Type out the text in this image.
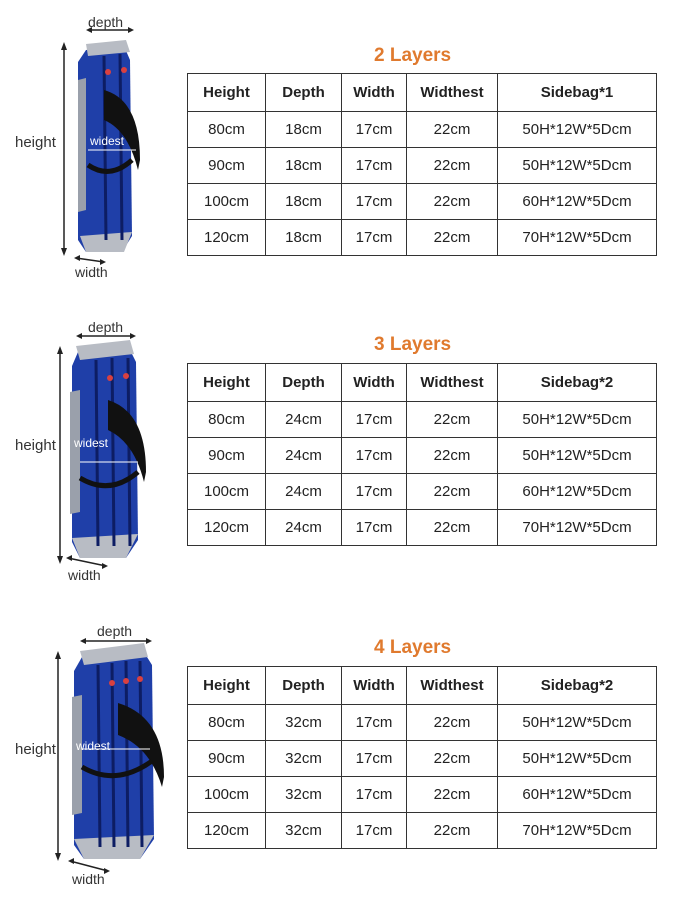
depth
height
width
widest
2 Layers
Height	Depth	Width	Widthest	Sidebag*1
80cm	18cm	17cm	22cm	50H*12W*5Dcm
90cm	18cm	17cm	22cm	50H*12W*5Dcm
100cm	18cm	17cm	22cm	60H*12W*5Dcm
120cm	18cm	17cm	22cm	70H*12W*5Dcm
depth
height
width
widest
3 Layers
Height	Depth	Width	Widthest	Sidebag*2
80cm	24cm	17cm	22cm	50H*12W*5Dcm
90cm	24cm	17cm	22cm	50H*12W*5Dcm
100cm	24cm	17cm	22cm	60H*12W*5Dcm
120cm	24cm	17cm	22cm	70H*12W*5Dcm
depth
height
width
widest
4 Layers
Height	Depth	Width	Widthest	Sidebag*2
80cm	32cm	17cm	22cm	50H*12W*5Dcm
90cm	32cm	17cm	22cm	50H*12W*5Dcm
100cm	32cm	17cm	22cm	60H*12W*5Dcm
120cm	32cm	17cm	22cm	70H*12W*5Dcm
